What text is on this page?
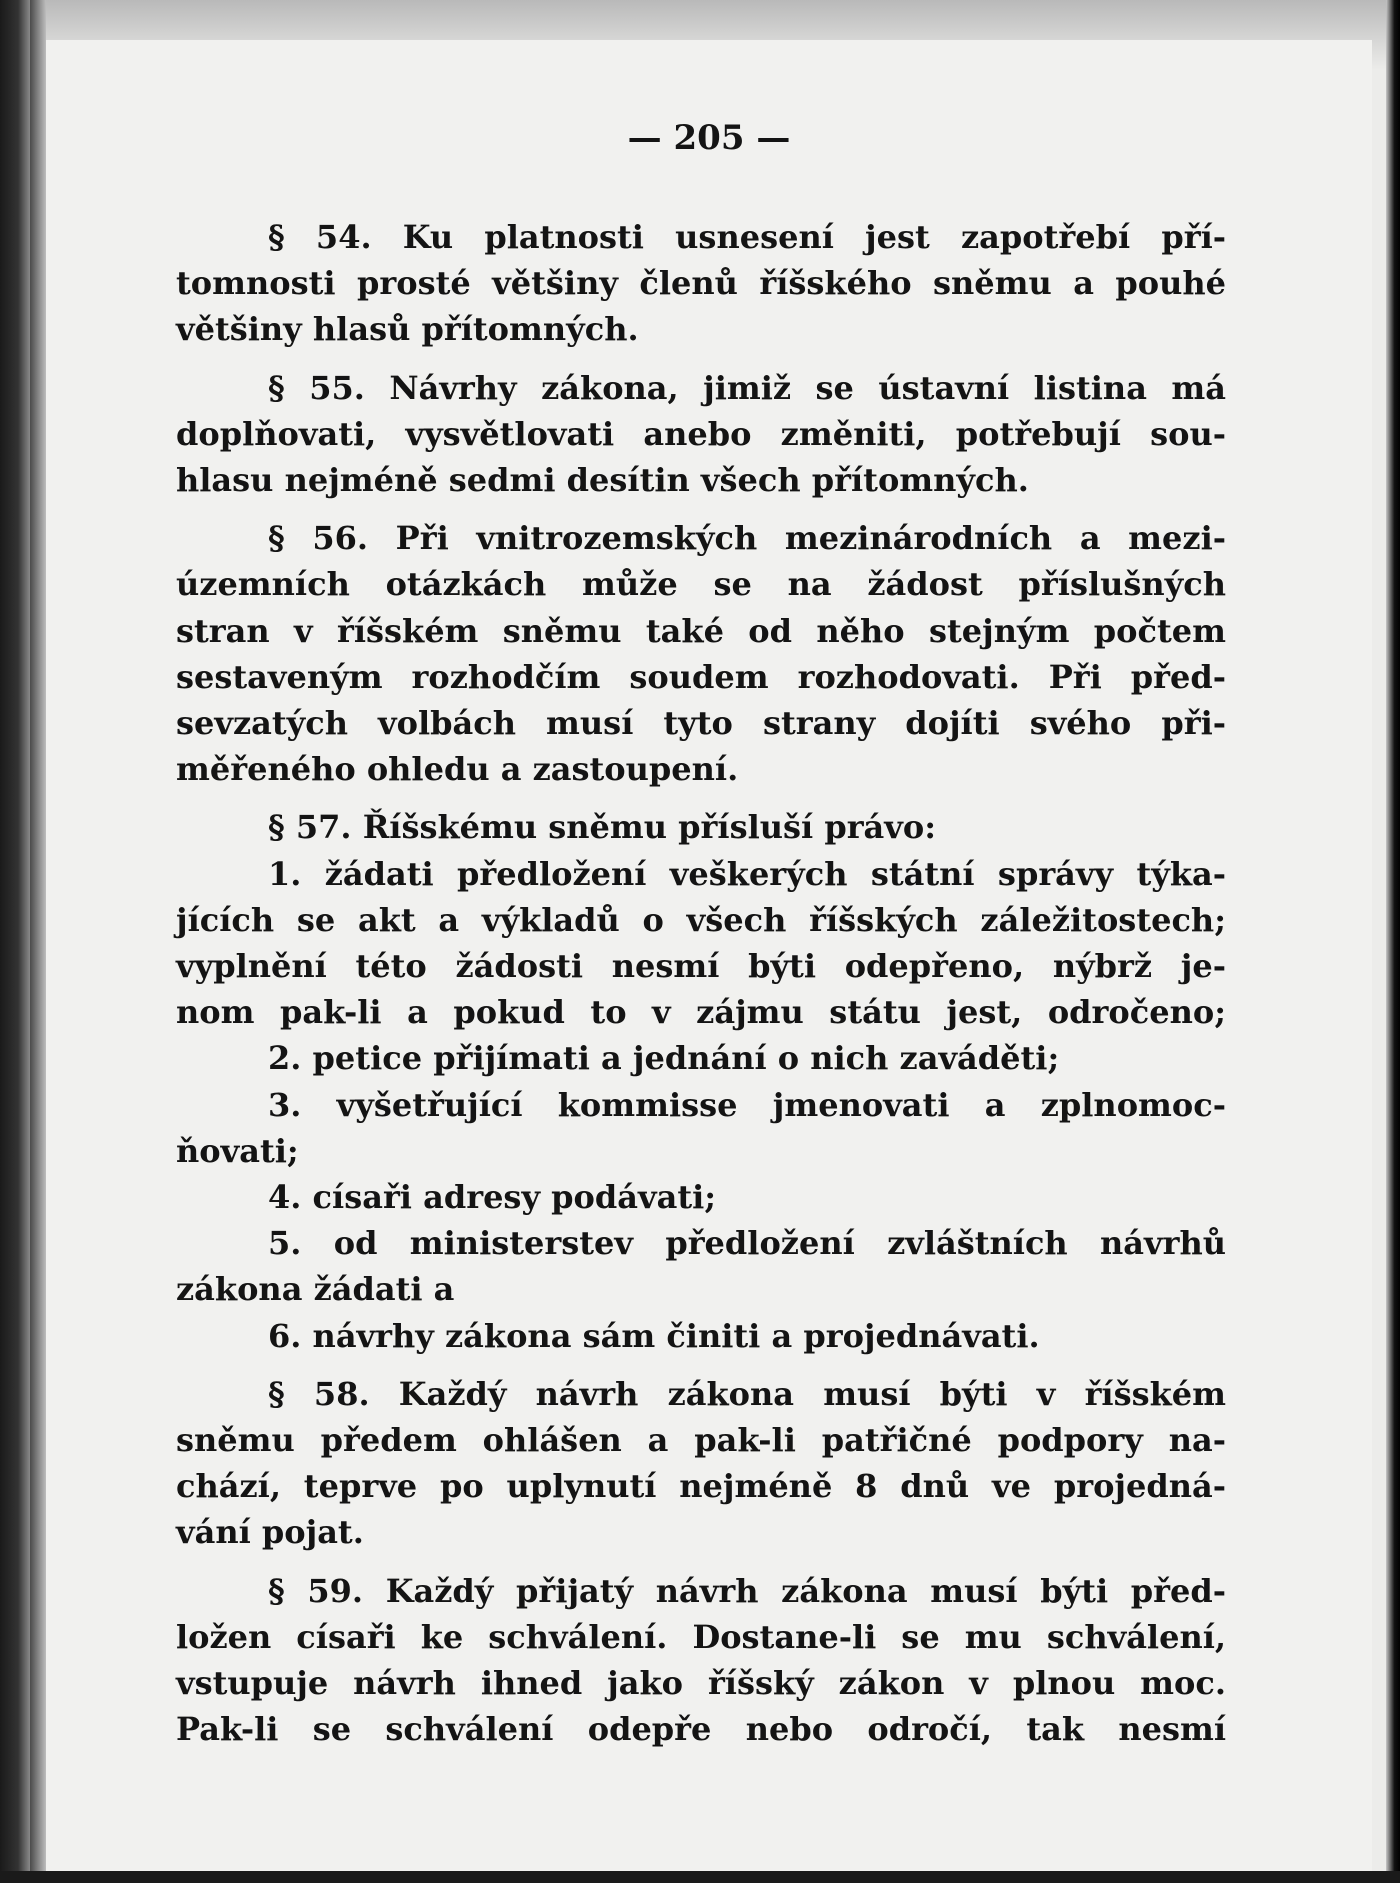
— 205 —
§ 54. Ku platnosti usnesení jest zapotřebí pří-
tomnosti prosté většiny členů říšského sněmu a pouhé
většiny hlasů přítomných.
§ 55. Návrhy zákona, jimiž se ústavní listina má
doplňovati, vysvětlovati anebo změniti, potřebují sou-
hlasu nejméně sedmi desítin všech přítomných.
§ 56. Při vnitrozemských mezinárodních a mezi-
územních otázkách může se na žádost příslušných
stran v říšském sněmu také od něho stejným počtem
sestaveným rozhodčím soudem rozhodovati. Při před-
sevzatých volbách musí tyto strany dojíti svého při-
měřeného ohledu a zastoupení.
§ 57. Říšskému sněmu přísluší právo:
1. žádati předložení veškerých státní správy týka-
jících se akt a výkladů o všech říšských záležitostech;
vyplnění této žádosti nesmí býti odepřeno, nýbrž je-
nom pak-li a pokud to v zájmu státu jest, odročeno;
2. petice přijímati a jednání o nich zaváděti;
3. vyšetřující kommisse jmenovati a zplnomoc-
ňovati;
4. císaři adresy podávati;
5. od ministerstev předložení zvláštních návrhů
zákona žádati a
6. návrhy zákona sám činiti a projednávati.
§ 58. Každý návrh zákona musí býti v říšském
sněmu předem ohlášen a pak-li patřičné podpory na-
chází, teprve po uplynutí nejméně 8 dnů ve projedná-
vání pojat.
§ 59. Každý přijatý návrh zákona musí býti před-
ložen císaři ke schválení. Dostane-li se mu schválení,
vstupuje návrh ihned jako říšský zákon v plnou moc.
Pak-li se schválení odepře nebo odročí, tak nesmí
